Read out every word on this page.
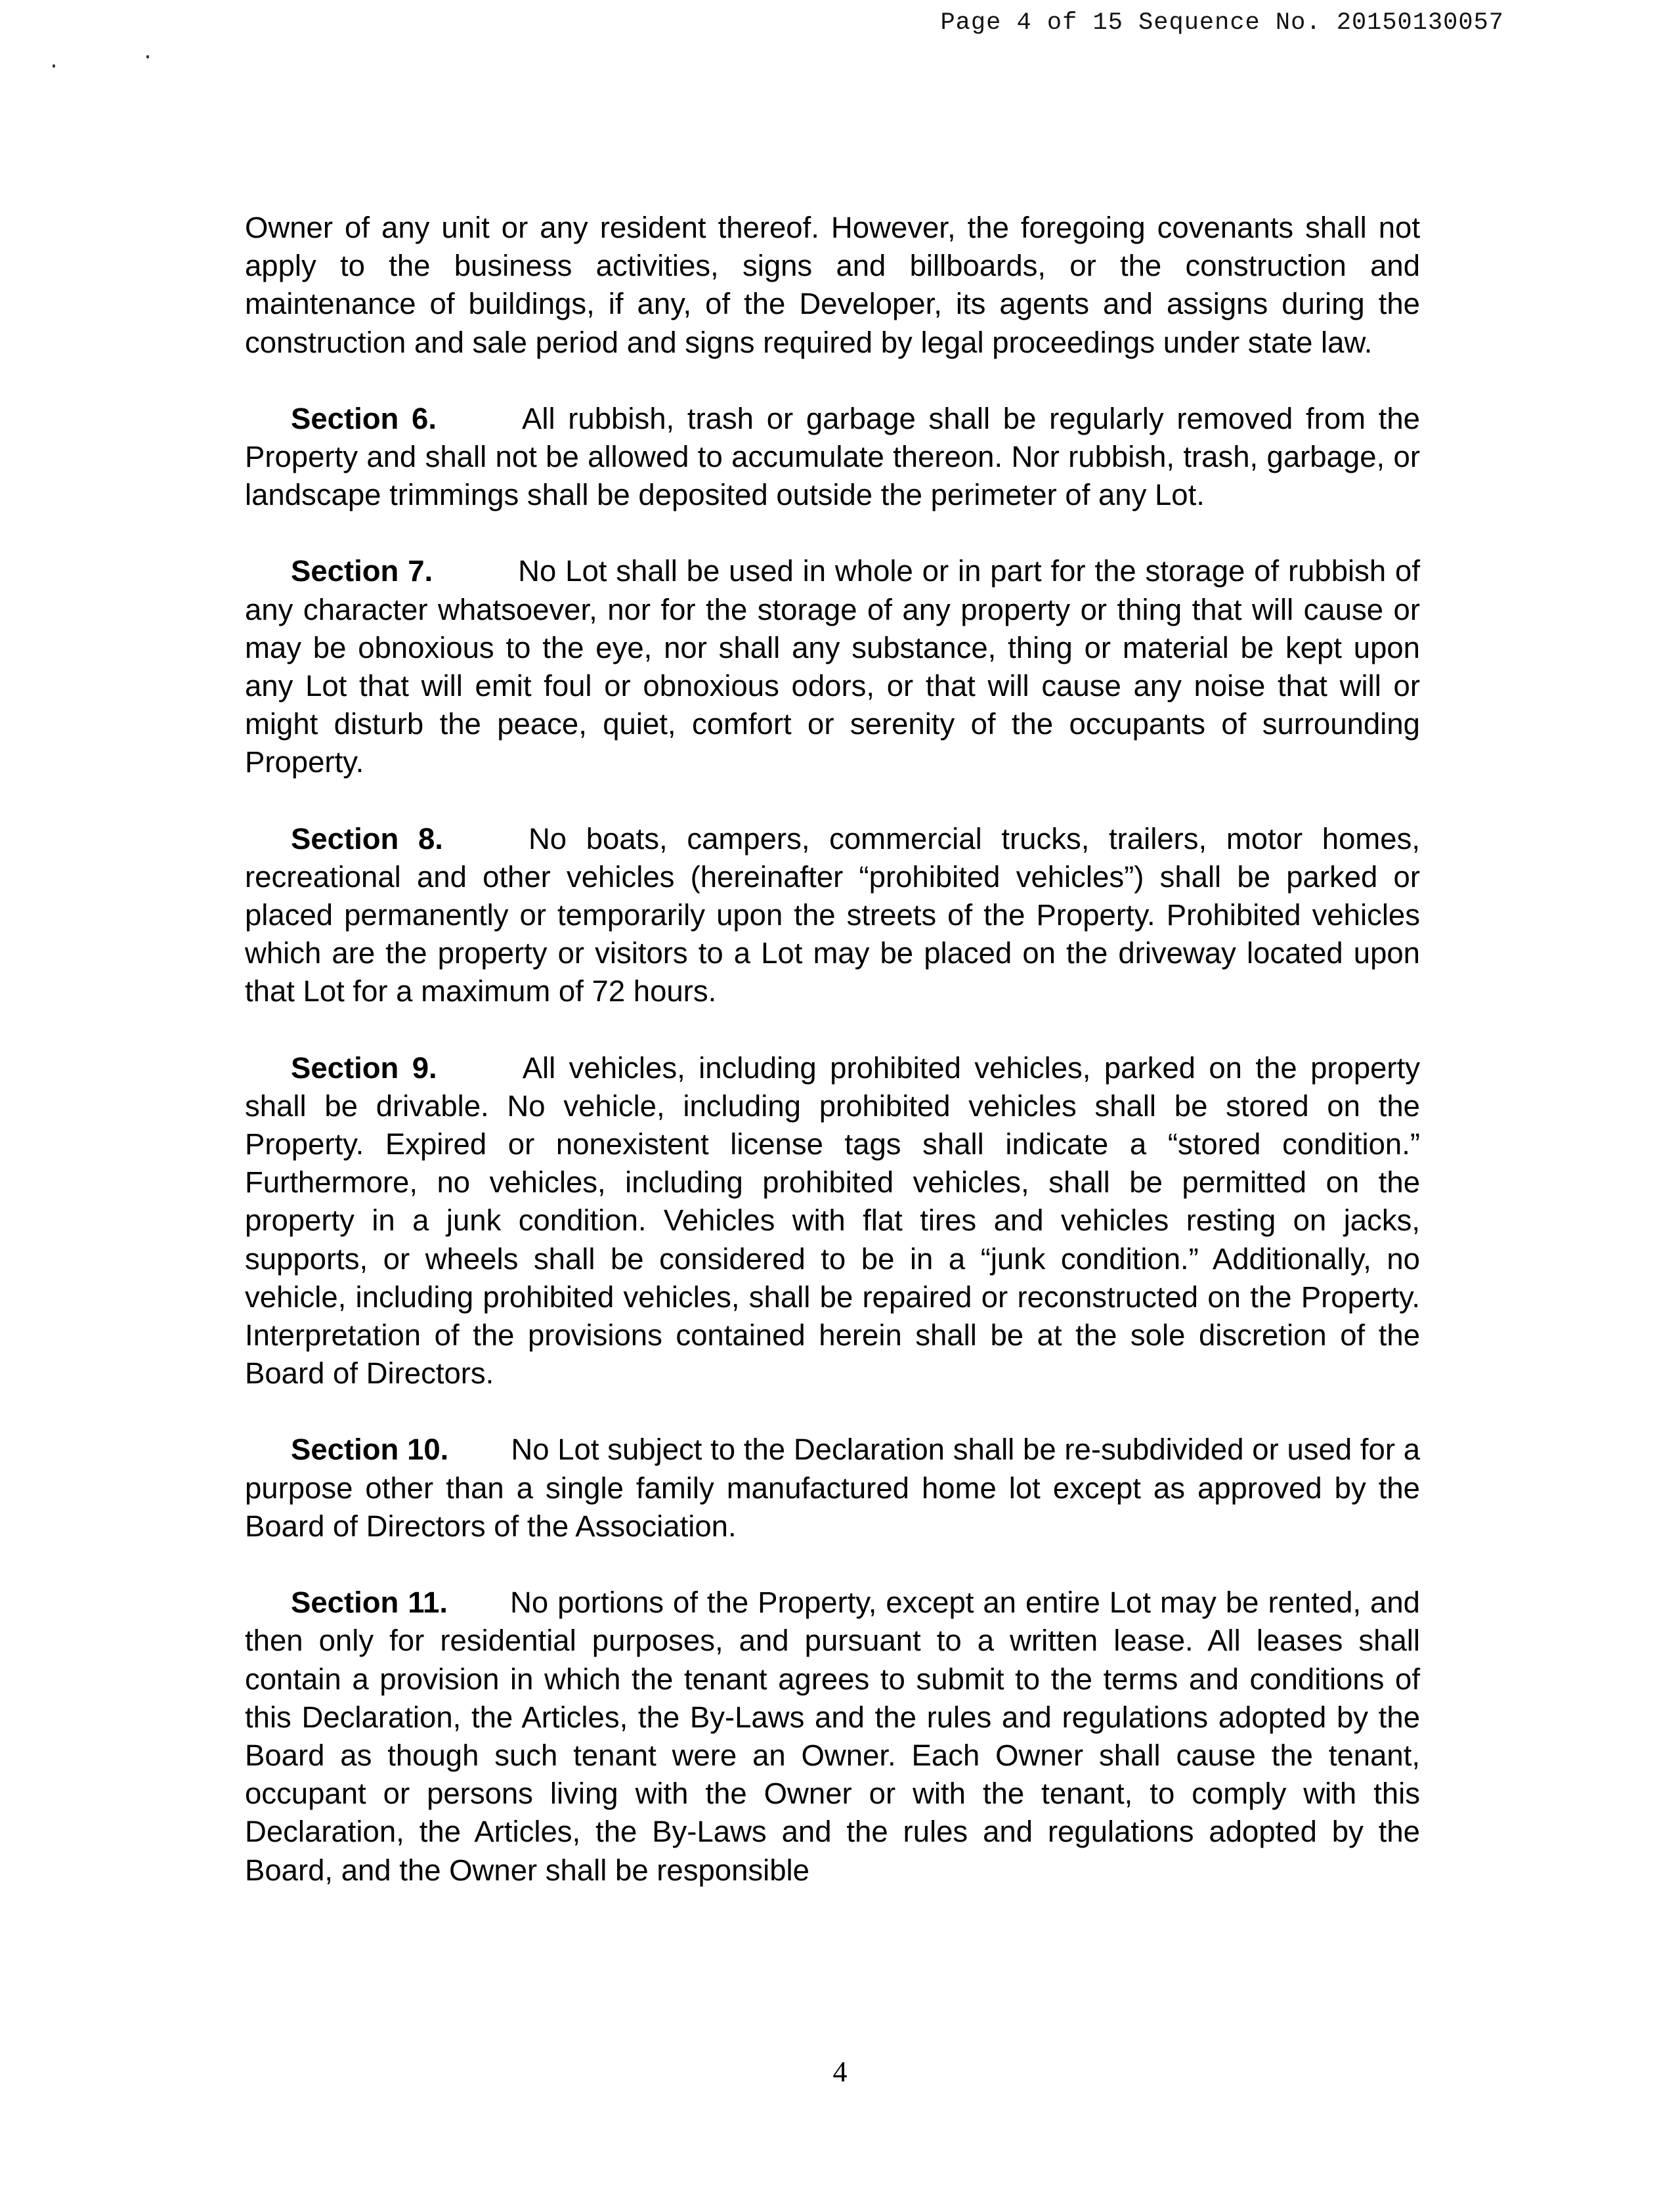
Page 4 of 15 Sequence No. 20150130057

Owner of any unit or any resident thereof. However, the foregoing covenants shall not apply to the business activities, signs and billboards, or the construction and maintenance of buildings, if any, of the Developer, its agents and assigns during the construction and sale period and signs required by legal proceedings under state law.

Section 6.	All rubbish, trash or garbage shall be regularly removed from the Property and shall not be allowed to accumulate thereon. Nor rubbish, trash, garbage, or landscape trimmings shall be deposited outside the perimeter of any Lot.

Section 7.	No Lot shall be used in whole or in part for the storage of rubbish of any character whatsoever, nor for the storage of any property or thing that will cause or may be obnoxious to the eye, nor shall any substance, thing or material be kept upon any Lot that will emit foul or obnoxious odors, or that will cause any noise that will or might disturb the peace, quiet, comfort or serenity of the occupants of surrounding Property.

Section 8.	No boats, campers, commercial trucks, trailers, motor homes, recreational and other vehicles (hereinafter “prohibited vehicles”) shall be parked or placed permanently or temporarily upon the streets of the Property. Prohibited vehicles which are the property or visitors to a Lot may be placed on the driveway located upon that Lot for a maximum of 72 hours.

Section 9.	All vehicles, including prohibited vehicles, parked on the property shall be drivable. No vehicle, including prohibited vehicles shall be stored on the Property. Expired or nonexistent license tags shall indicate a “stored condition.” Furthermore, no vehicles, including prohibited vehicles, shall be permitted on the property in a junk condition. Vehicles with flat tires and vehicles resting on jacks, supports, or wheels shall be considered to be in a “junk condition.” Additionally, no vehicle, including prohibited vehicles, shall be repaired or reconstructed on the Property. Interpretation of the provisions contained herein shall be at the sole discretion of the Board of Directors.

Section 10. No Lot subject to the Declaration shall be re-subdivided or used for a purpose other than a single family manufactured home lot except as approved by the Board of Directors of the Association.

Section 11. No portions of the Property, except an entire Lot may be rented, and then only for residential purposes, and pursuant to a written lease. All leases shall contain a provision in which the tenant agrees to submit to the terms and conditions of this Declaration, the Articles, the By-Laws and the rules and regulations adopted by the Board as though such tenant were an Owner. Each Owner shall cause the tenant, occupant or persons living with the Owner or with the tenant, to comply with this Declaration, the Articles, the By-Laws and the rules and regulations adopted by the Board, and the Owner shall be responsible

4
